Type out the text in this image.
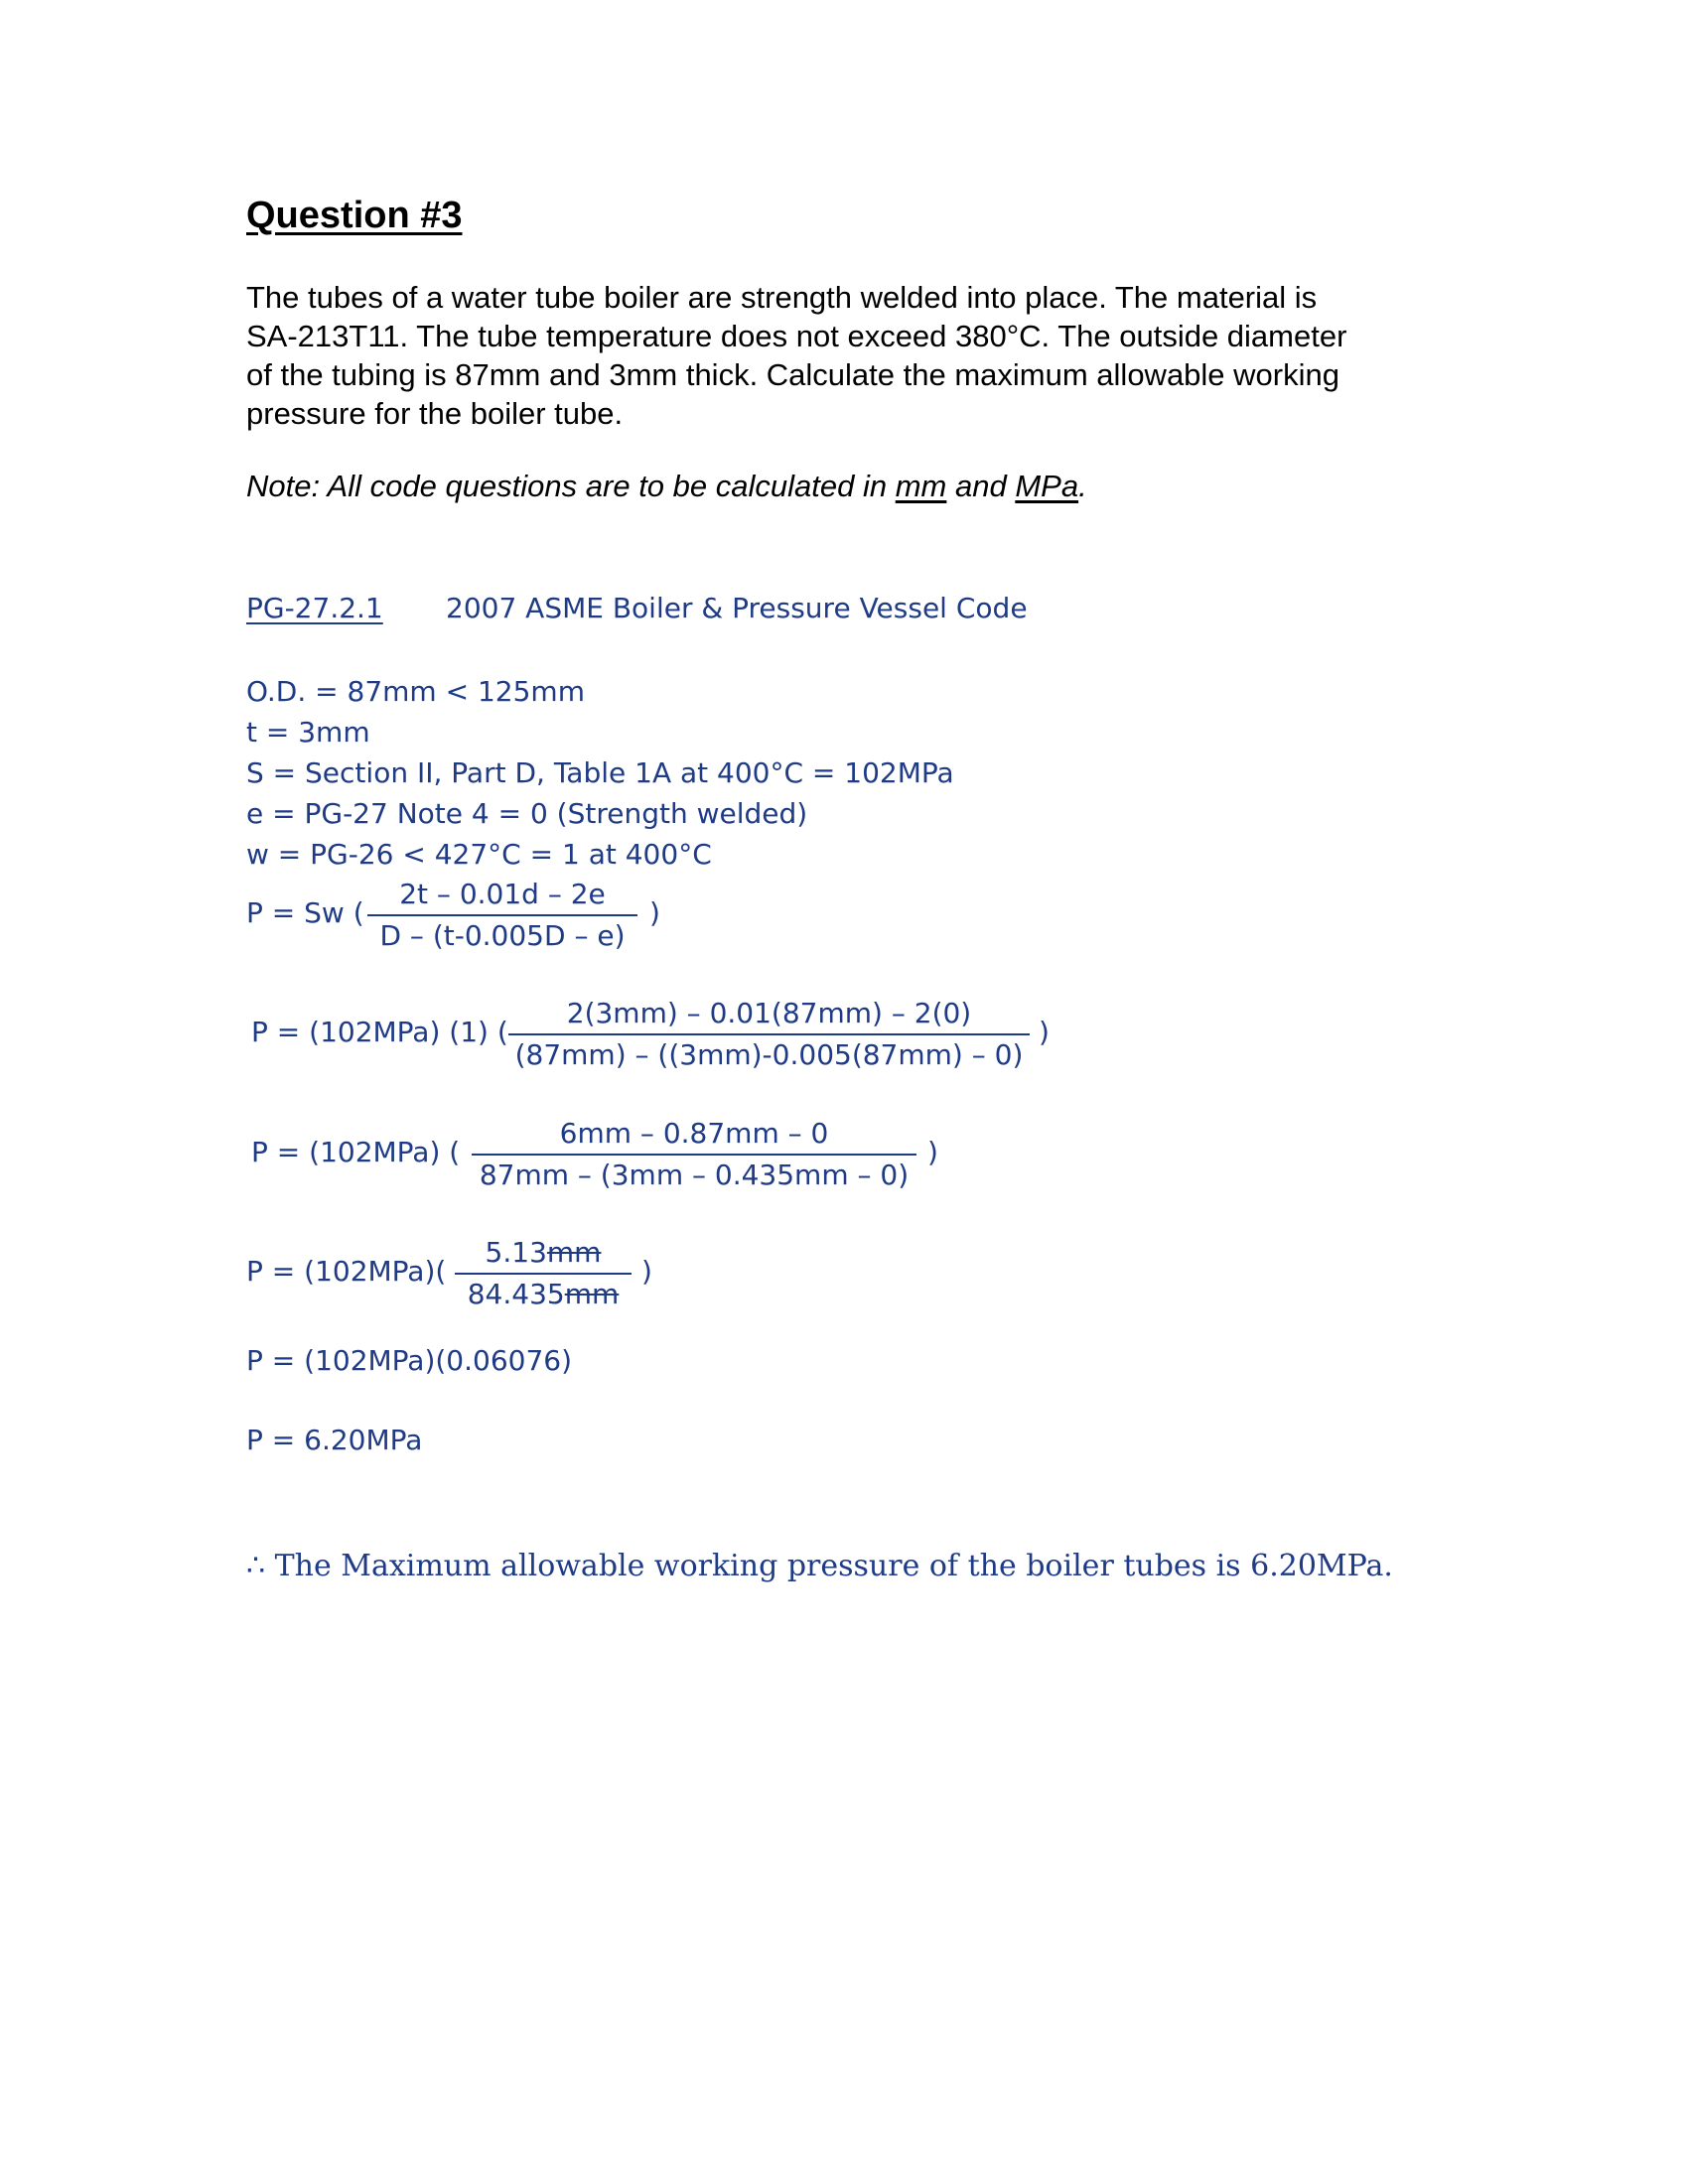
Question #3

The tubes of a water tube boiler are strength welded into place. The material is

SA-213T11. The tube temperature does not exceed 380°C. The outside diameter

of the tubing is 87mm and 3mm thick. Calculate the maximum allowable working

pressure for the boiler tube.

Note: All code questions are to be calculated in mm and MPa.
PG-27.2.1 2007 ASME Boiler & Pressure Vessel Code
O.D. = 87mm < 125mm
t = 3mm
S = Section II, Part D, Table 1A at 400°C = 102MPa
e = PG-27 Note 4 = 0 (Strength welded)
w = PG-26 < 427°C = 1 at 400°C
P = Sw (
2t – 0.01d – 2e
D – (t-0.005D – e)
)
P = (102MPa) (1) (
2(3mm) – 0.01(87mm) – 2(0)
(87mm) – ((3mm)-0.005(87mm) – 0)
)
P = (102MPa) (
6mm – 0.87mm – 0
87mm – (3mm – 0.435mm – 0)
)
P = (102MPa)(
5.13mm
84.435mm
)
P = (102MPa)(0.06076)
P = 6.20MPa
∴ The Maximum allowable working pressure of the boiler tubes is 6.20MPa.
